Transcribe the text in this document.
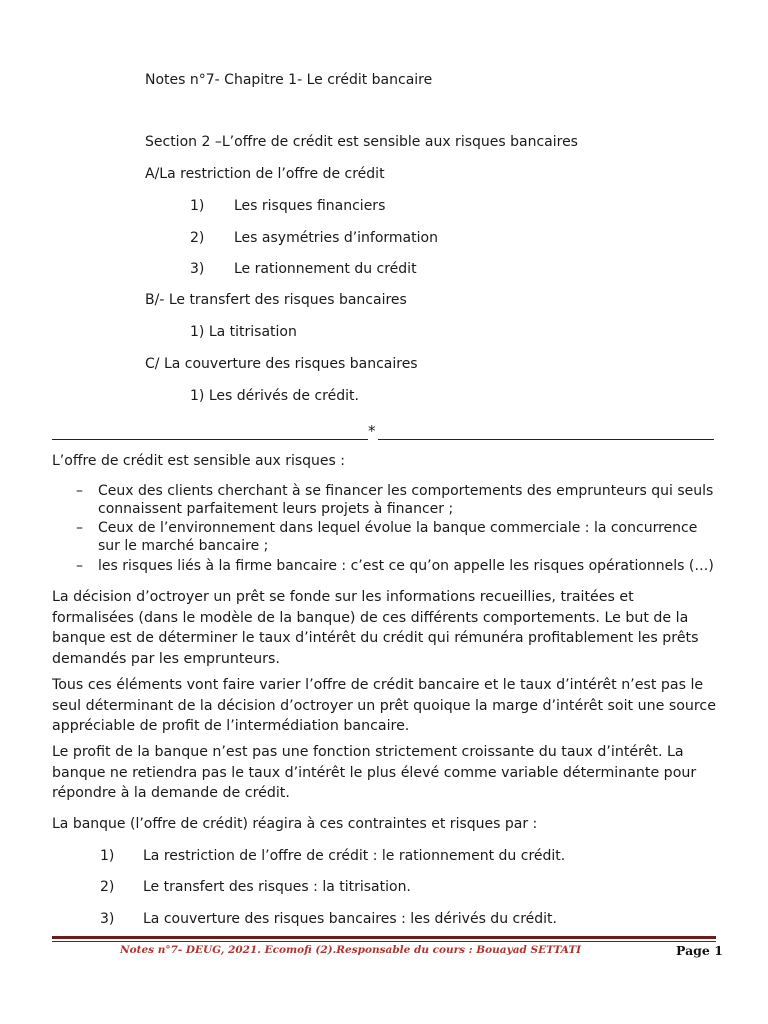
Notes n°7- Chapitre 1- Le crédit bancaire
Section 2 –L’offre de crédit est sensible aux risques bancaires
A/La restriction de l’offre de crédit
1) Les risques financiers
2) Les asymétries d’information
3) Le rationnement du crédit
B/- Le transfert des risques bancaires
1) La titrisation
C/ La couverture des risques bancaires
1) Les dérivés de crédit.
*
L’offre de crédit est sensible aux risques :
– Ceux des clients cherchant à se financer les comportements des emprunteurs qui seuls connaissent parfaitement leurs projets à financer ;
– Ceux de l’environnement dans lequel évolue la banque commerciale : la concurrence sur le marché bancaire ;
– les risques liés à la firme bancaire : c’est ce qu’on appelle les risques opérationnels (…)
La décision d’octroyer un prêt se fonde sur les informations recueillies, traitées et formalisées (dans le modèle de la banque) de ces différents comportements. Le but de la banque est de déterminer le taux d’intérêt du crédit qui rémunéra profitablement les prêts demandés par les emprunteurs.
Tous ces éléments vont faire varier l’offre de crédit bancaire et le taux d’intérêt n’est pas le seul déterminant de la décision d’octroyer un prêt quoique la marge d’intérêt soit une source appréciable de profit de l’intermédiation bancaire.
Le profit de la banque n’est pas une fonction strictement croissante du taux d’intérêt. La banque ne retiendra pas le taux d’intérêt le plus élevé comme variable déterminante pour répondre à la demande de crédit.
La banque (l’offre de crédit) réagira à ces contraintes et risques par :
1) La restriction de l’offre de crédit : le rationnement du crédit.
2) Le transfert des risques : la titrisation.
3) La couverture des risques bancaires : les dérivés du crédit.
Notes n°7- DEUG, 2021. Ecomofi (2).Responsable du cours : Bouayad SETTATI	Page 1
